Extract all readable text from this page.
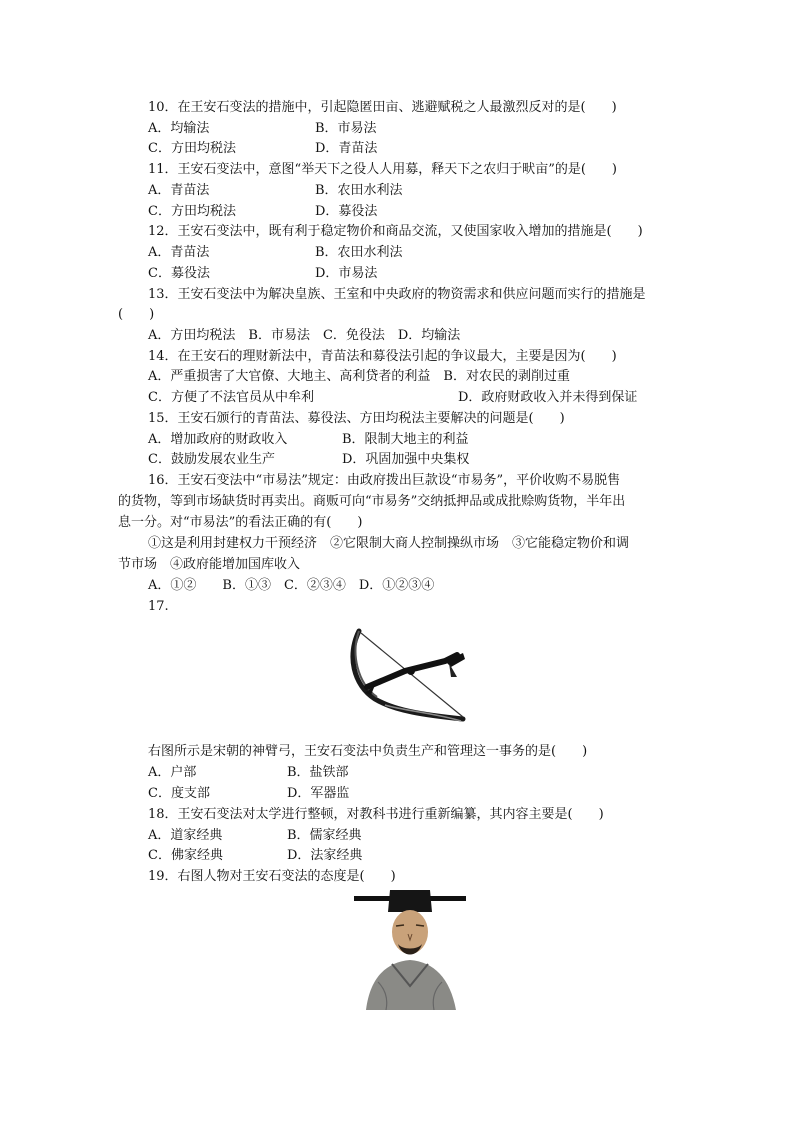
10．在王安石变法的措施中，引起隐匿田亩、逃避赋税之人最激烈反对的是(　　)
A．均输法	B．市易法
C．方田均税法	D．青苗法
11．王安石变法中，意图“举天下之役人人用募，释天下之农归于畎亩”的是(　　)
A．青苗法	B．农田水利法
C．方田均税法	D．募役法
12．王安石变法中，既有利于稳定物价和商品交流，又使国家收入增加的措施是(　　)
A．青苗法	B．农田水利法
C．募役法	D．市易法
13．王安石变法中为解决皇族、王室和中央政府的物资需求和供应问题而实行的措施是
(　　)
A．方田均税法　B．市易法　C．免役法　D．均输法
14．在王安石的理财新法中，青苗法和募役法引起的争议最大，主要是因为(　　)
A．严重损害了大官僚、大地主、高利贷者的利益　B．对农民的剥削过重
C．方便了不法官员从中牟利	D．政府财政收入并未得到保证
15．王安石颁行的青苗法、募役法、方田均税法主要解决的问题是(　　)
A．增加政府的财政收入	B．限制大地主的利益
C．鼓励发展农业生产	D．巩固加强中央集权
16．王安石变法中“市易法”规定：由政府拨出巨款设“市易务”，平价收购不易脱售
的货物，等到市场缺货时再卖出。商贩可向“市易务”交纳抵押品或成批赊购货物，半年出
息一分。对“市易法”的看法正确的有(　　)
①这是利用封建权力干预经济　②它限制大商人控制操纵市场　③它能稳定物价和调
节市场　④政府能增加国库收入
A．①②　　B．①③　C．②③④　D．①②③④
17.
右图所示是宋朝的神臂弓，王安石变法中负责生产和管理这一事务的是(　　)
A．户部	B．盐铁部
C．度支部	D．军器监
18．王安石变法对太学进行整顿，对教科书进行重新编纂，其内容主要是(　　)
A．道家经典	B．儒家经典
C．佛家经典	D．法家经典
19．右图人物对王安石变法的态度是(　　)
